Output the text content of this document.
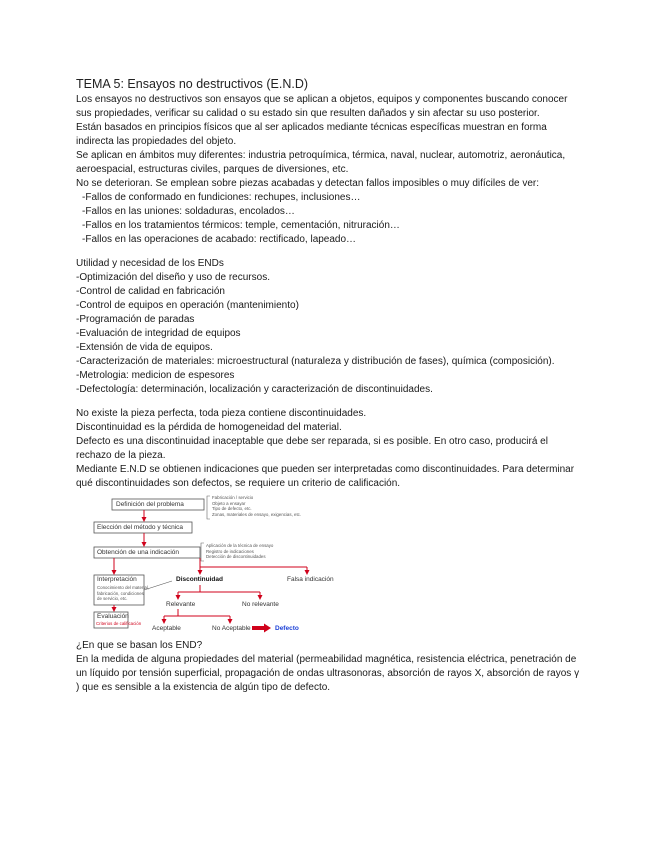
TEMA 5: Ensayos no destructivos (E.N.D)

Los ensayos no destructivos son ensayos que se aplican a objetos, equipos y componentes buscando conocer sus propiedades, verificar su calidad o su estado sin que resulten dañados y sin afectar su uso posterior.

Están basados en principios físicos que al ser aplicados mediante técnicas específicas muestran en forma indirecta las propiedades del objeto.

Se aplican en ámbitos muy diferentes: industria petroquímica, térmica, naval, nuclear, automotriz, aeronáutica, aeroespacial, estructuras civiles, parques de diversiones, etc.

No se deterioran. Se emplean sobre piezas acabadas y detectan fallos imposibles o muy difíciles de ver:

-Fallos de conformado en fundiciones: rechupes, inclusiones…

-Fallos en las uniones: soldaduras, encolados…

-Fallos en los tratamientos térmicos: temple, cementación, nitruración…

-Fallos en las operaciones de acabado: rectificado, lapeado…

Utilidad y necesidad de los ENDs

-Optimización del diseño y uso de recursos.

-Control de calidad en fabricación

-Control de equipos en operación (mantenimiento)

-Programación de paradas

-Evaluación de integridad de equipos

-Extensión de vida de equipos.

-Caracterización de materiales: microestructural (naturaleza y distribución de fases), química (composición).

-Metrologia: medicion de espesores

-Defectología: determinación, localización y caracterización de discontinuidades.

No existe la pieza perfecta, toda pieza contiene discontinuidades.

Discontinuidad es la pérdida de homogeneidad del material.

Defecto es una discontinuidad inaceptable que debe ser reparada, si es posible. En otro caso, producirá el rechazo de la pieza.

Mediante E.N.D se obtienen indicaciones que pueden ser interpretadas como discontinuidades. Para determinar qué discontinuidades son defectos, se requiere un criterio de calificación.

Definición del problema
Elección del método y técnica
Obtención de una indicación
Interpretación
Evaluación
Fabricación / servicio
Objeto a ensayar
Tipo de defecto, etc.
Zonas, materiales de ensayo, exigencias, etc.
Aplicación de la técnica de ensayo
Registro de indicaciones
Detección de discontinuidades
Conocimiento del material,
fabricación, condiciones
de servicio, etc.
Criterios de calificación
Discontinuidad	Falsa indicación
Relevante	No relevante
Aceptable	No Aceptable	Defecto

¿En que se basan los END?

En la medida de alguna propiedades del material (permeabilidad magnética, resistencia eléctrica, penetración de un líquido por tensión superficial, propagación de ondas ultrasonoras, absorción de rayos X, absorción de rayos γ ) que es sensible a la existencia de algún tipo de defecto.
